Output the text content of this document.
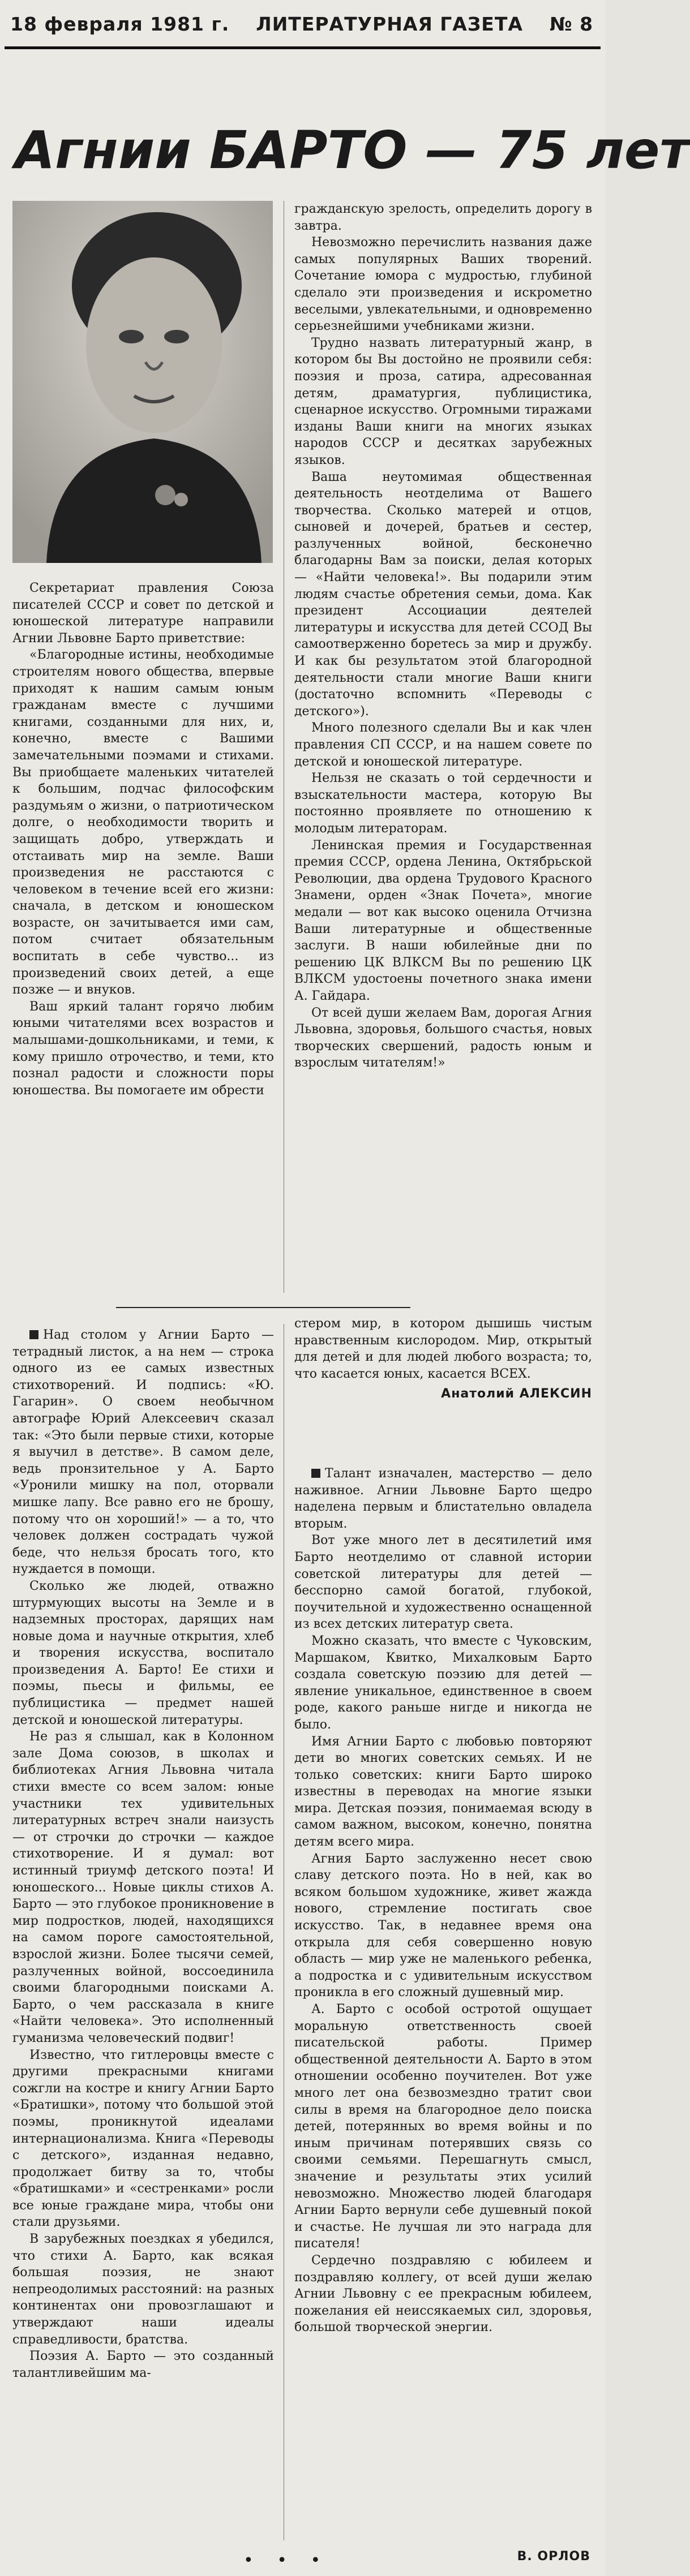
18 февраля 1981 г. ЛИТЕРАТУРНАЯ ГАЗЕТА № 8
Агнии БАРТО — 75 лет

Секретариат правления Союза писателей СССР и совет по детской и юношеской литературе направили Агнии Львовне Барто приветствие:

«Благородные истины, необходимые строителям нового общества, впервые приходят к нашим самым юным гражданам вместе с лучшими книгами, созданными для них, и, конечно, вместе с Вашими замечательными поэмами и стихами. Вы приобщаете маленьких читателей к большим, подчас философским раздумьям о жизни, о патриотическом долге, о необходимости творить и защищать добро, утверждать и отстаивать мир на земле. Ваши произведения не расстаются с человеком в течение всей его жизни: сначала, в детском и юношеском возрасте, он зачитывается ими сам, потом считает обязательным воспитать в себе чувство... из произведений своих детей, а еще позже — и внуков.

Ваш яркий талант горячо любим юными читателями всех возрастов и малышами-дошкольниками, и теми, к кому пришло отрочество, и теми, кто познал радости и сложности поры юношества. Вы помогаете им обрести

гражданскую зрелость, определить дорогу в завтра.

Невозможно перечислить названия даже самых популярных Ваших творений. Сочетание юмора с мудростью, глубиной сделало эти произведения и искрометно веселыми, увлекательными, и одновременно серьезнейшими учебниками жизни.

Трудно назвать литературный жанр, в котором бы Вы достойно не проявили себя: поэзия и проза, сатира, адресованная детям, драматургия, публицистика, сценарное искусство. Огромными тиражами изданы Ваши книги на многих языках народов СССР и десятках зарубежных языков.

Ваша неутомимая общественная деятельность неотделима от Вашего творчества. Сколько матерей и отцов, сыновей и дочерей, братьев и сестер, разлученных войной, бесконечно благодарны Вам за поиски, делая которых — «Найти человека!». Вы подарили этим людям счастье обретения семьи, дома. Как президент Ассоциации деятелей литературы и искусства для детей ССОД Вы самоотверженно боретесь за мир и дружбу. И как бы результатом этой благородной деятельности стали многие Ваши книги (достаточно вспомнить «Переводы с детского»).

Много полезного сделали Вы и как член правления СП СССР, и на нашем совете по детской и юношеской литературе.

Нельзя не сказать о той сердечности и взыскательности мастера, которую Вы постоянно проявляете по отношению к молодым литераторам.

Ленинская премия и Государственная премия СССР, ордена Ленина, Октябрьской Революции, два ордена Трудового Красного Знамени, орден «Знак Почета», многие медали — вот как высоко оценила Отчизна Ваши литературные и общественные заслуги. В наши юбилейные дни по решению ЦК ВЛКСМ Вы по решению ЦК ВЛКСМ удостоены почетного знака имени А. Гайдара.

От всей души желаем Вам, дорогая Агния Львовна, здоровья, большого счастья, новых творческих свершений, радость юным и взрослым читателям!»

Над столом у Агнии Барто — тетрадный листок, а на нем — строка одного из ее самых известных стихотворений. И подпись: «Ю. Гагарин». О своем необычном автографе Юрий Алексеевич сказал так: «Это были первые стихи, которые я выучил в детстве». В самом деле, ведь пронзительное у А. Барто «Уронили мишку на пол, оторвали мишке лапу. Все равно его не брошу, потому что он хороший!» — а то, что человек должен сострадать чужой беде, что нельзя бросать того, кто нуждается в помощи.

Сколько же людей, отважно штурмующих высоты на Земле и в надземных просторах, дарящих нам новые дома и научные открытия, хлеб и творения искусства, воспитало произведения А. Барто! Ее стихи и поэмы, пьесы и фильмы, ее публицистика — предмет нашей детской и юношеской литературы.

Не раз я слышал, как в Колонном зале Дома союзов, в школах и библиотеках Агния Львовна читала стихи вместе со всем залом: юные участники тех удивительных литературных встреч знали наизусть — от строчки до строчки — каждое стихотворение. И я думал: вот истинный триумф детского поэта! И юношеского... Новые циклы стихов А. Барто — это глубокое проникновение в мир подростков, людей, находящихся на самом пороге самостоятельной, взрослой жизни. Более тысячи семей, разлученных войной, воссоединила своими благородными поисками А. Барто, о чем рассказала в книге «Найти человека». Это исполненный гуманизма человеческий подвиг!

Известно, что гитлеровцы вместе с другими прекрасными книгами сожгли на костре и книгу Агнии Барто «Братишки», потому что большой этой поэмы, проникнутой идеалами интернационализма. Книга «Переводы с детского», изданная недавно, продолжает битву за то, чтобы «братишками» и «сестренками» росли все юные граждане мира, чтобы они стали друзьями.

В зарубежных поездках я убедился, что стихи А. Барто, как всякая большая поэзия, не знают непреодолимых расстояний: на разных континентах они провозглашают и утверждают наши идеалы справедливости, братства.

Поэзия А. Барто — это созданный талантливейшим ма-

стером мир, в котором дышишь чистым нравственным кислородом. Мир, открытый для детей и для людей любого возраста; то, что касается юных, касается ВСЕХ.

Анатолий АЛЕКСИН

Талант изначален, мастерство — дело наживное. Агнии Львовне Барто щедро наделена первым и блистательно овладела вторым.

Вот уже много лет в десятилетий имя Барто неотделимо от славной истории советской литературы для детей — бесспорно самой богатой, глубокой, поучительной и художественно оснащенной из всех детских литератур света.

Можно сказать, что вместе с Чуковским, Маршаком, Квитко, Михалковым Барто создала советскую поэзию для детей — явление уникальное, единственное в своем роде, какого раньше нигде и никогда не было.

Имя Агнии Барто с любовью повторяют дети во многих советских семьях. И не только советских: книги Барто широко известны в переводах на многие языки мира. Детская поэзия, понимаемая всюду в самом важном, высоком, конечно, понятна детям всего мира.

Агния Барто заслуженно несет свою славу детского поэта. Но в ней, как во всяком большом художнике, живет жажда нового, стремление постигать свое искусство. Так, в недавнее время она открыла для себя совершенно новую область — мир уже не маленького ребенка, а подростка и с удивительным искусством проникла в его сложный душевный мир.

А. Барто с особой остротой ощущает моральную ответственность своей писательской работы. Пример общественной деятельности А. Барто в этом отношении особенно поучителен. Вот уже много лет она безвозмездно тратит свои силы в время на благородное дело поиска детей, потерянных во время войны и по иным причинам потерявших связь со своими семьями. Перешагнуть смысл, значение и результаты этих усилий невозможно. Множество людей благодаря Агнии Барто вернули себе душевный покой и счастье. Не лучшая ли это награда для писателя!

Сердечно поздравляю с юбилеем и поздравляю коллегу, от всей души желаю Агнии Львовну с ее прекрасным юбилеем, пожелания ей неиссякаемых сил, здоровья, большой творческой энергии.

В. ОРЛОВ
• • •
